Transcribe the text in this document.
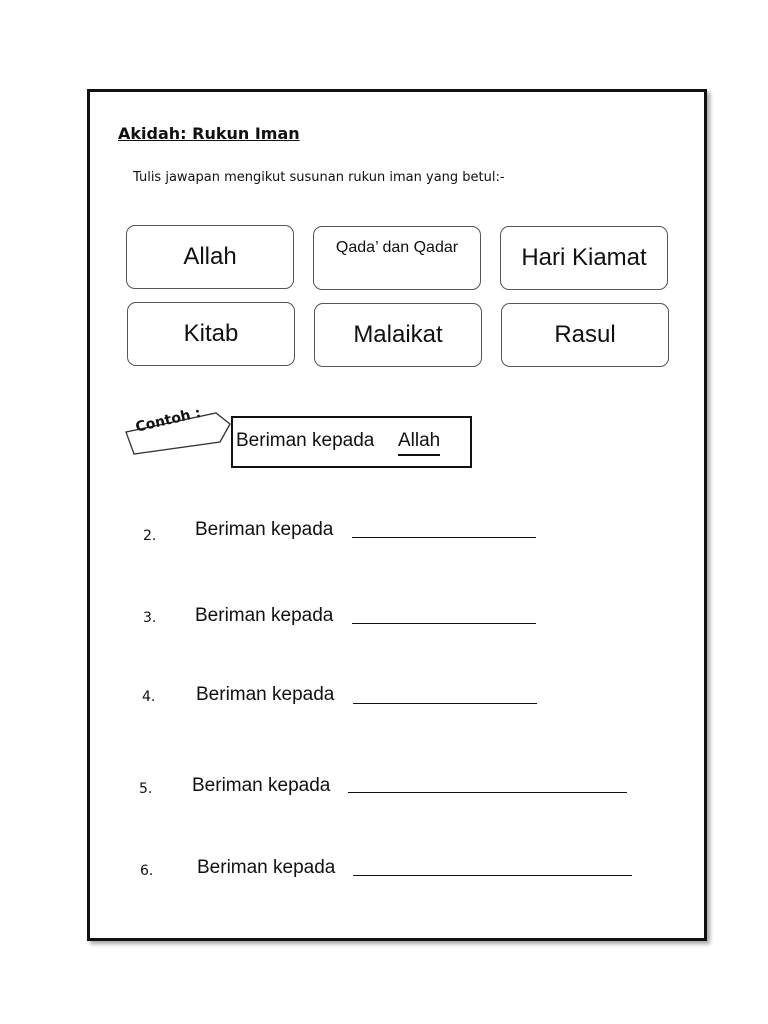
Akidah: Rukun Iman
Tulis jawapan mengikut susunan rukun iman yang betul:-
Allah	Qada’ dan Qadar	Hari Kiamat
Kitab	Malaikat	Rasul
Contoh :
Beriman kepada Allah
2. Beriman kepada
3. Beriman kepada
4. Beriman kepada
5. Beriman kepada
6. Beriman kepada
